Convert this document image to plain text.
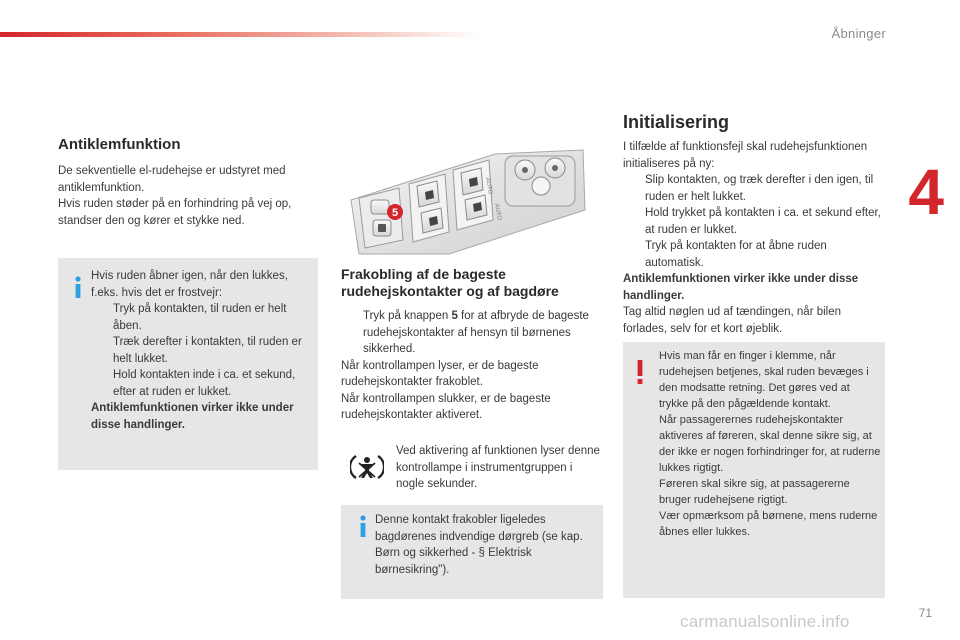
Åbninger
4
Antiklemfunktion
De sekventielle el-rudehejse er udstyret med antiklemfunktion.
Hvis ruden støder på en forhindring på vej op, standser den og kører et stykke ned.
Hvis ruden åbner igen, når den lukkes, f.eks. hvis det er frostvejr:
Tryk på kontakten, til ruden er helt åben.
Træk derefter i kontakten, til ruden er helt lukket.
Hold kontakten inde i ca. et sekund, efter at ruden er lukket.
Antiklemfunktionen virker ikke under disse handlinger.
AUTO
AUTO
5
Frakobling af de bageste rudehejskontakter og af bagdøre
Tryk på knappen 5 for at afbryde de bageste rudehejskontakter af hensyn til børnenes sikkerhed.
Når kontrollampen lyser, er de bageste rudehejskontakter frakoblet.
Når kontrollampen slukker, er de bageste rudehejskontakter aktiveret.
Ved aktivering af funktionen lyser denne kontrollampe i instrumentgruppen i nogle sekunder.
Denne kontakt frakobler ligeledes bagdørenes indvendige dørgreb (se kap. Børn og sikkerhed - § Elektrisk børnesikring").
Initialisering
I tilfælde af funktionsfejl skal rudehejsfunktionen initialiseres på ny:
Slip kontakten, og træk derefter i den igen, til ruden er helt lukket.
Hold trykket på kontakten i ca. et sekund efter, at ruden er lukket.
Tryk på kontakten for at åbne ruden automatisk.
Antiklemfunktionen virker ikke under disse handlinger.
Tag altid nøglen ud af tændingen, når bilen forlades, selv for et kort øjeblik.
Hvis man får en finger i klemme, når rudehejsen betjenes, skal ruden bevæges i den modsatte retning. Det gøres ved at trykke på den pågældende kontakt.
Når passagerernes rudehejskontakter aktiveres af føreren, skal denne sikre sig, at der ikke er nogen forhindringer for, at ruderne lukkes rigtigt.
Føreren skal sikre sig, at passagererne bruger rudehejsene rigtigt.
Vær opmærksom på børnene, mens ruderne åbnes eller lukkes.
71
carmanualsonline.info
